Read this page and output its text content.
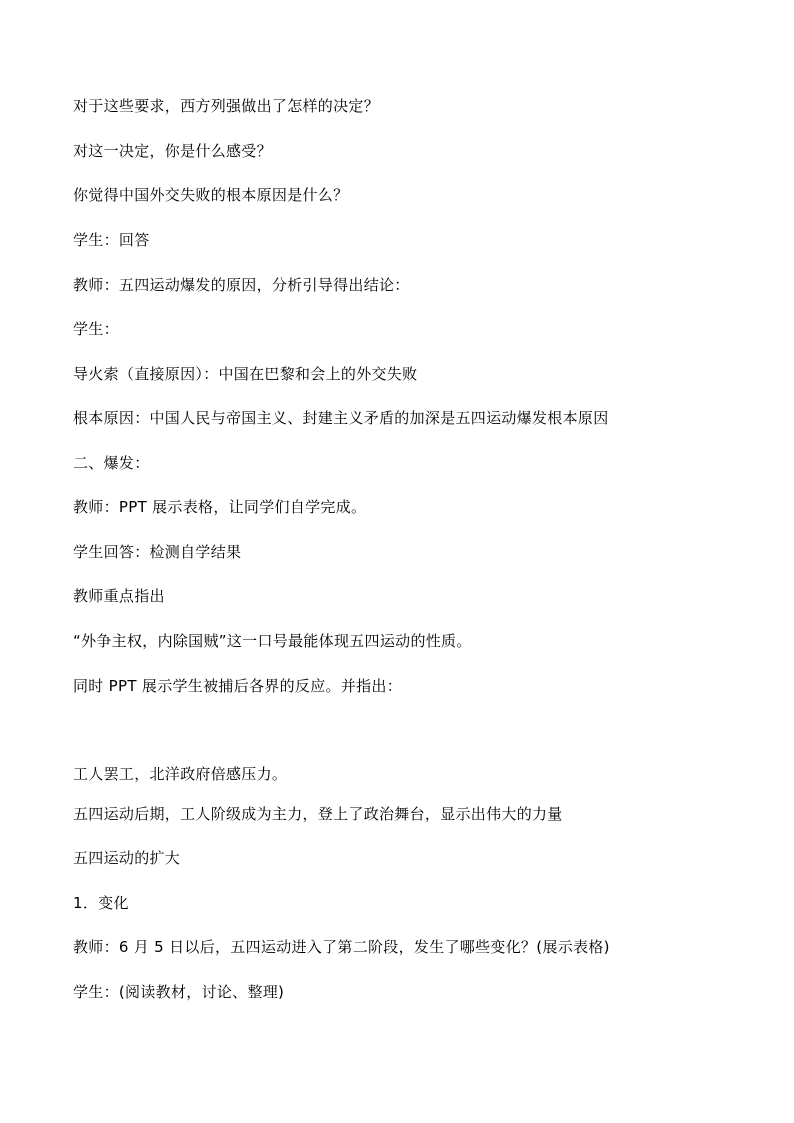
对于这些要求，西方列强做出了怎样的决定？
对这一决定，你是什么感受？
你觉得中国外交失败的根本原因是什么？
学生：回答
教师：五四运动爆发的原因，分析引导得出结论：
学生：
导火索（直接原因）：中国在巴黎和会上的外交失败
根本原因：中国人民与帝国主义、封建主义矛盾的加深是五四运动爆发根本原因
二、爆发：
教师：PPT 展示表格，让同学们自学完成。
学生回答：检测自学结果
教师重点指出
“外争主权，内除国贼”这一口号最能体现五四运动的性质。
同时 PPT 展示学生被捕后各界的反应。并指出：
工人罢工，北洋政府倍感压力。
五四运动后期，工人阶级成为主力，登上了政治舞台，显示出伟大的力量
五四运动的扩大
1．变化
教师：6 月 5 日以后，五四运动进入了第二阶段，发生了哪些变化？(展示表格)
学生：(阅读教材，讨论、整理)
